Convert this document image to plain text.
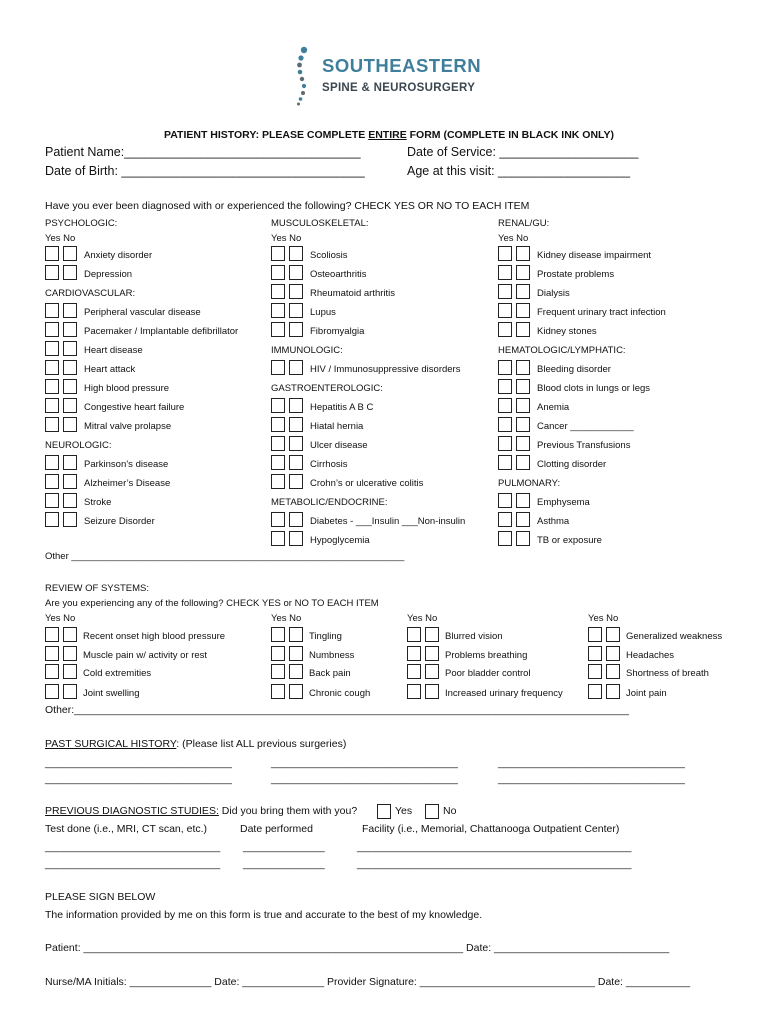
SOUTHEASTERN
SPINE & NEUROSURGERY
PATIENT HISTORY: PLEASE COMPLETE ENTIRE FORM (COMPLETE IN BLACK INK ONLY)
Patient Name:__________________________________	Date of Service: ____________________
Date of Birth: ___________________________________	Age at this visit: ___________________
Have you ever been diagnosed with or experienced the following? CHECK YES OR NO TO EACH ITEM
PSYCHOLOGIC:
Yes No
Anxiety disorder
Depression
CARDIOVASCULAR:
Peripheral vascular disease
Pacemaker / Implantable defibrillator
Heart disease
Heart attack
High blood pressure
Congestive heart failure
Mitral valve prolapse
NEUROLOGIC:
Parkinson’s disease
Alzheimer’s Disease
Stroke
Seizure Disorder
MUSCULOSKELETAL:
Yes No
Scoliosis
Osteoarthritis
Rheumatoid arthritis
Lupus
Fibromyalgia
IMMUNOLOGIC:
HIV / Immunosuppressive disorders
GASTROENTEROLOGIC:
Hepatitis A B C
Hiatal hernia
Ulcer disease
Cirrhosis
Crohn’s or ulcerative colitis
METABOLIC/ENDOCRINE:
Diabetes - ___Insulin ___Non-insulin
Hypoglycemia
RENAL/GU:
Yes No
Kidney disease impairment
Prostate problems
Dialysis
Frequent urinary tract infection
Kidney stones
HEMATOLOGIC/LYMPHATIC:
Bleeding disorder
Blood clots in lungs or legs
Anemia
Cancer ____________
Previous Transfusions
Clotting disorder
PULMONARY:
Emphysema
Asthma
TB or exposure
Other _______________________________________________________________
REVIEW OF SYSTEMS:
Are you experiencing any of the following? CHECK YES or NO TO EACH ITEM
Yes No
Recent onset high blood pressure
Muscle pain w/ activity or rest
Cold extremities
Joint swelling
Yes No
Tingling
Numbness
Back pain
Chronic cough
Yes No
Blurred vision
Problems breathing
Poor bladder control
Increased urinary frequency
Yes No
Generalized weakness
Headaches
Shortness of breath
Joint pain
Other:_______________________________________________________________________________________________
PAST SURGICAL HISTORY: (Please list ALL previous surgeries)
________________________________
________________________________
________________________________
________________________________
________________________________
________________________________
PREVIOUS DIAGNOSTIC STUDIES: Did you bring them with you?	Yes	No
Test done (i.e., MRI, CT scan, etc.)	Date performed	Facility (i.e., Memorial, Chattanooga Outpatient Center)
______________________________
______________________________
______________
______________
_______________________________________________
_______________________________________________
PLEASE SIGN BELOW
The information provided by me on this form is true and accurate to the best of my knowledge.
Patient: _________________________________________________________________ Date: ______________________________
Nurse/MA Initials: ______________ Date: ______________ Provider Signature: ______________________________ Date: ___________
